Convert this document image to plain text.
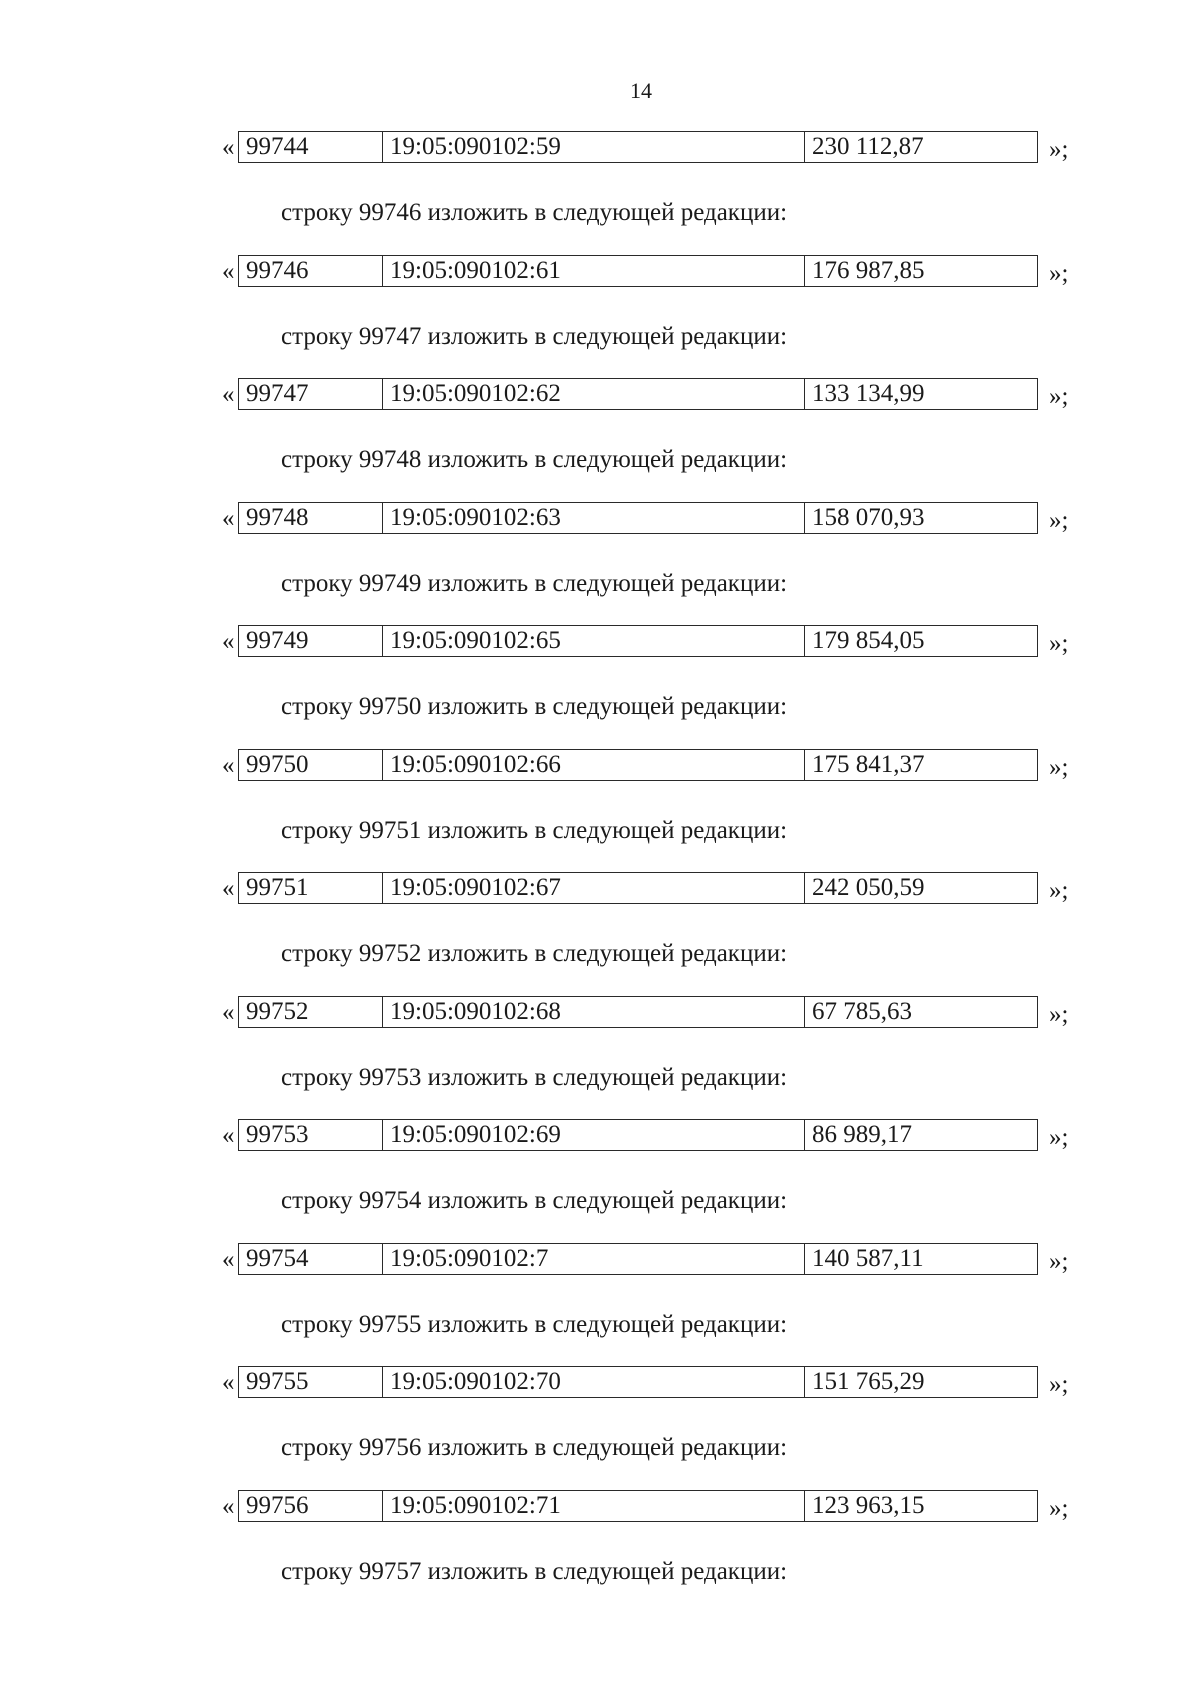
14
« 99744	19:05:090102:59	230 112,87	»;
строку 99746 изложить в следующей редакции:
« 99746	19:05:090102:61	176 987,85	»;
строку 99747 изложить в следующей редакции:
« 99747	19:05:090102:62	133 134,99	»;
строку 99748 изложить в следующей редакции:
« 99748	19:05:090102:63	158 070,93	»;
строку 99749 изложить в следующей редакции:
« 99749	19:05:090102:65	179 854,05	»;
строку 99750 изложить в следующей редакции:
« 99750	19:05:090102:66	175 841,37	»;
строку 99751 изложить в следующей редакции:
« 99751	19:05:090102:67	242 050,59	»;
строку 99752 изложить в следующей редакции:
« 99752	19:05:090102:68	67 785,63	»;
строку 99753 изложить в следующей редакции:
« 99753	19:05:090102:69	86 989,17	»;
строку 99754 изложить в следующей редакции:
« 99754	19:05:090102:7	140 587,11	»;
строку 99755 изложить в следующей редакции:
« 99755	19:05:090102:70	151 765,29	»;
строку 99756 изложить в следующей редакции:
« 99756	19:05:090102:71	123 963,15	»;
строку 99757 изложить в следующей редакции:
